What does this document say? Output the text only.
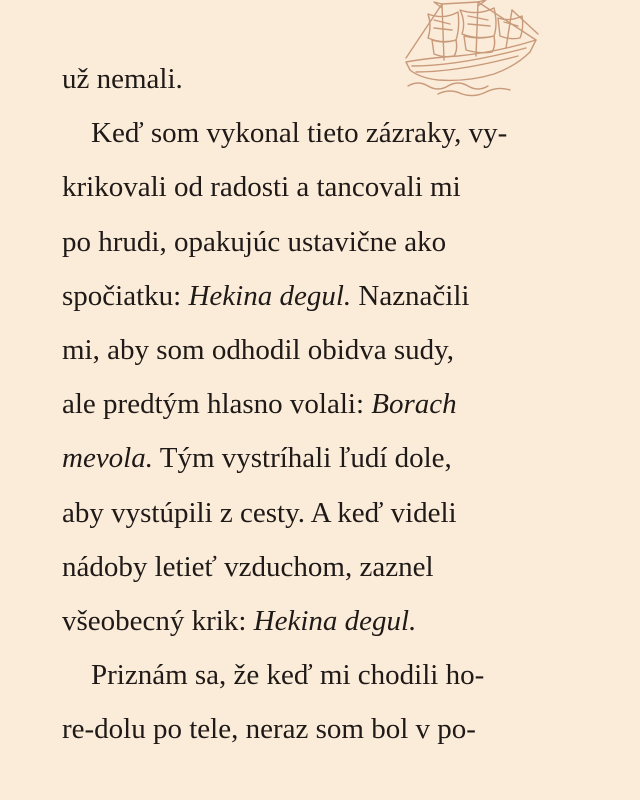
už nemali.
Keď som vykonal tieto zázraky, vy-
krikovali od radosti a tancovali mi
po hrudi, opakujúc ustavične ako
spočiatku: Hekina degul. Naznačili
mi, aby som odhodil obidva sudy,
ale predtým hlasno volali: Borach
mevola. Tým vystríhali ľudí dole,
aby vystúpili z cesty. A keď videli
nádoby letieť vzduchom, zaznel
všeobecný krik: Hekina degul.
Priznám sa, že keď mi chodili ho-
re-dolu po tele, neraz som bol v po-
